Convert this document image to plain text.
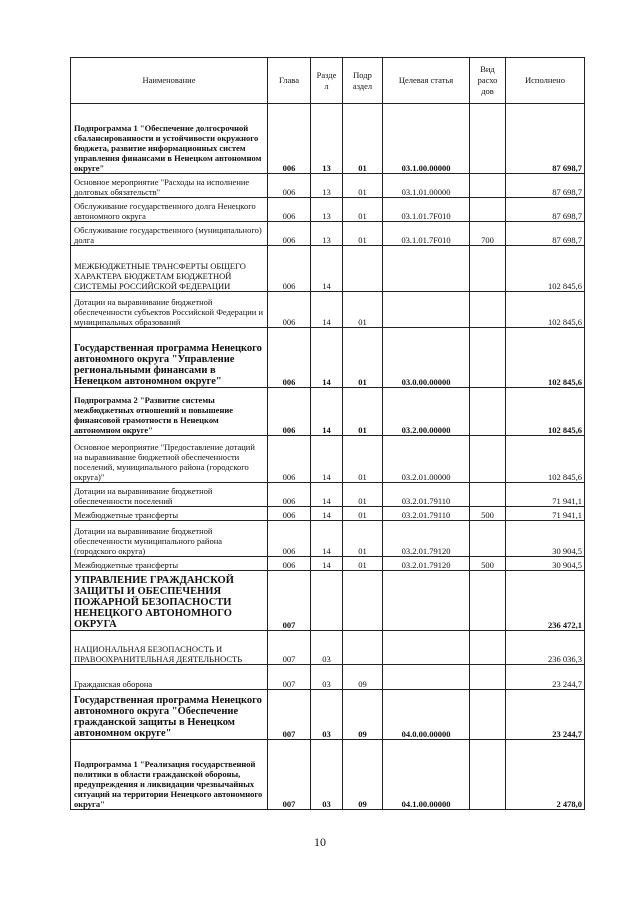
Наименование	Глава	Разде л	Подр аздел	Целевая статья	Вид расхо дов	Исполнено
Подпрограмма 1 "Обеспечение долгосрочной сбалансированности и устойчивости окружного бюджета, развитие информационных систем управления финансами в Ненецком автономном округе"	006	13	01	03.1.00.00000		87 698,7
Основное мероприятие "Расходы на исполнение долговых обязательств"	006	13	01	03.1.01.00000		87 698,7
Обслуживание государственного долга Ненецкого автономного округа	006	13	01	03.1.01.7F010		87 698,7
Обслуживание государственного (муниципального) долга	006	13	01	03.1.01.7F010	700	87 698,7
МЕЖБЮДЖЕТНЫЕ ТРАНСФЕРТЫ ОБЩЕГО ХАРАКТЕРА БЮДЖЕТАМ БЮДЖЕТНОЙ СИСТЕМЫ РОССИЙСКОЙ ФЕДЕРАЦИИ	006	14				102 845,6
Дотации на выравнивание бюджетной обеспеченности субъектов Российской Федерации и муниципальных образований	006	14	01			102 845,6
Государственная программа Ненецкого автономного округа "Управление региональными финансами в Ненецком автономном округе"	006	14	01	03.0.00.00000		102 845,6
Подпрограмма 2 "Развитие системы межбюджетных отношений и повышение финансовой грамотности в Ненецком автономном округе"	006	14	01	03.2.00.00000		102 845,6
Основное мероприятие "Предоставление дотаций на выравнивание бюджетной обеспеченности поселений, муниципального района (городского округа)"	006	14	01	03.2.01.00000		102 845,6
Дотации на выравнивание бюджетной обеспеченности поселений	006	14	01	03.2.01.79110		71 941,1
Межбюджетные трансферты	006	14	01	03.2.01.79110	500	71 941,1
Дотации на выравнивание бюджетной обеспеченности муниципального района (городского округа)	006	14	01	03.2.01.79120		30 904,5
Межбюджетные трансферты	006	14	01	03.2.01.79120	500	30 904,5
УПРАВЛЕНИЕ ГРАЖДАНСКОЙ ЗАЩИТЫ И ОБЕСПЕЧЕНИЯ ПОЖАРНОЙ БЕЗОПАСНОСТИ НЕНЕЦКОГО АВТОНОМНОГО ОКРУГА	007					236 472,1
НАЦИОНАЛЬНАЯ БЕЗОПАСНОСТЬ И ПРАВООХРАНИТЕЛЬНАЯ ДЕЯТЕЛЬНОСТЬ	007	03				236 036,3
Гражданская оборона	007	03	09			23 244,7
Государственная программа Ненецкого автономного округа "Обеспечение гражданской защиты в Ненецком автономном округе"	007	03	09	04.0.00.00000		23 244,7
Подпрограмма 1 "Реализация государственной политики в области гражданской обороны, предупреждения и ликвидации чрезвычайных ситуаций на территории Ненецкого автономного округа"	007	03	09	04.1.00.00000		2 478,0
10
